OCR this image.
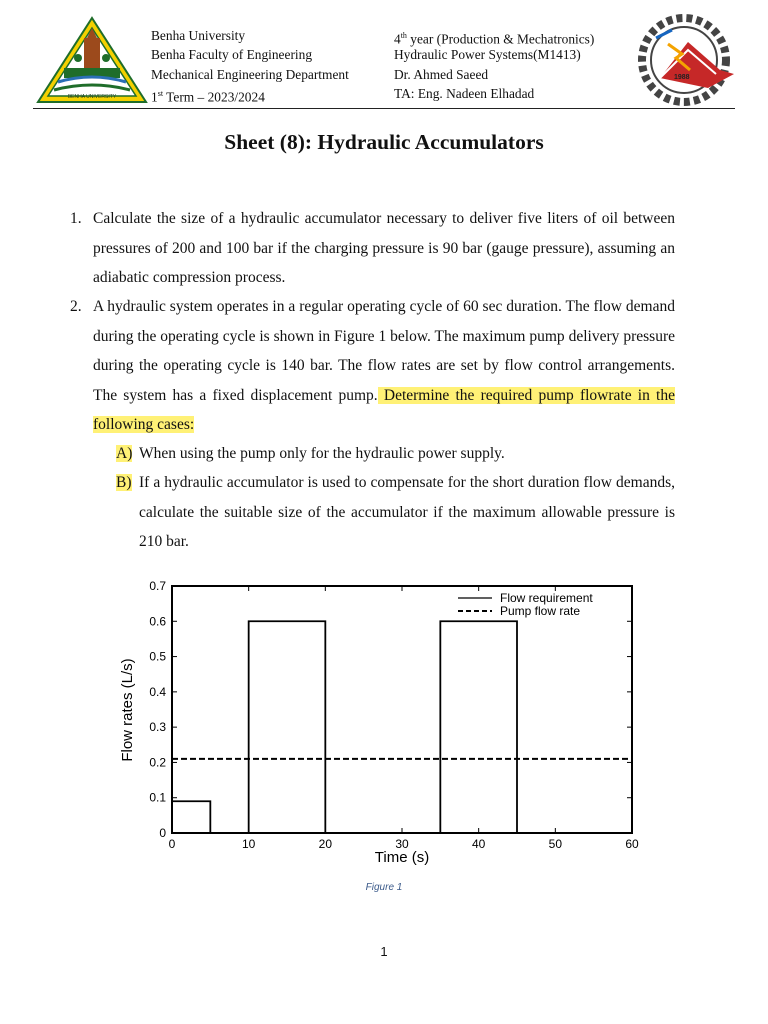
BENHA UNIVERSITY
Benha University
Benha Faculty of Engineering
Mechanical Engineering Department
1st Term – 2023/2024
4th year (Production & Mechatronics)
Hydraulic Power Systems(M1413)
Dr. Ahmed Saeed
TA: Eng. Nadeen Elhadad
1988
Sheet (8): Hydraulic Accumulators
1. Calculate the size of a hydraulic accumulator necessary to deliver five liters of oil between pressures of 200 and 100 bar if the charging pressure is 90 bar (gauge pressure), assuming an adiabatic compression process.
2. A hydraulic system operates in a regular operating cycle of 60 sec duration. The flow demand during the operating cycle is shown in Figure 1 below. The maximum pump delivery pressure during the operating cycle is 140 bar. The flow rates are set by flow control arrangements. The system has a fixed displacement pump. Determine the required pump flowrate in the following cases:
A) When using the pump only for the hydraulic power supply.
B) If a hydraulic accumulator is used to compensate for the short duration flow demands, calculate the suitable size of the accumulator if the maximum allowable pressure is 210 bar.
0	10	20	30	40	50	60
0
0.1
0.2
0.3
0.4
0.5
0.6
0.7
Flow requirement
Pump flow rate
Time (s)
Flow rates (L/s)
Figure 1
1
